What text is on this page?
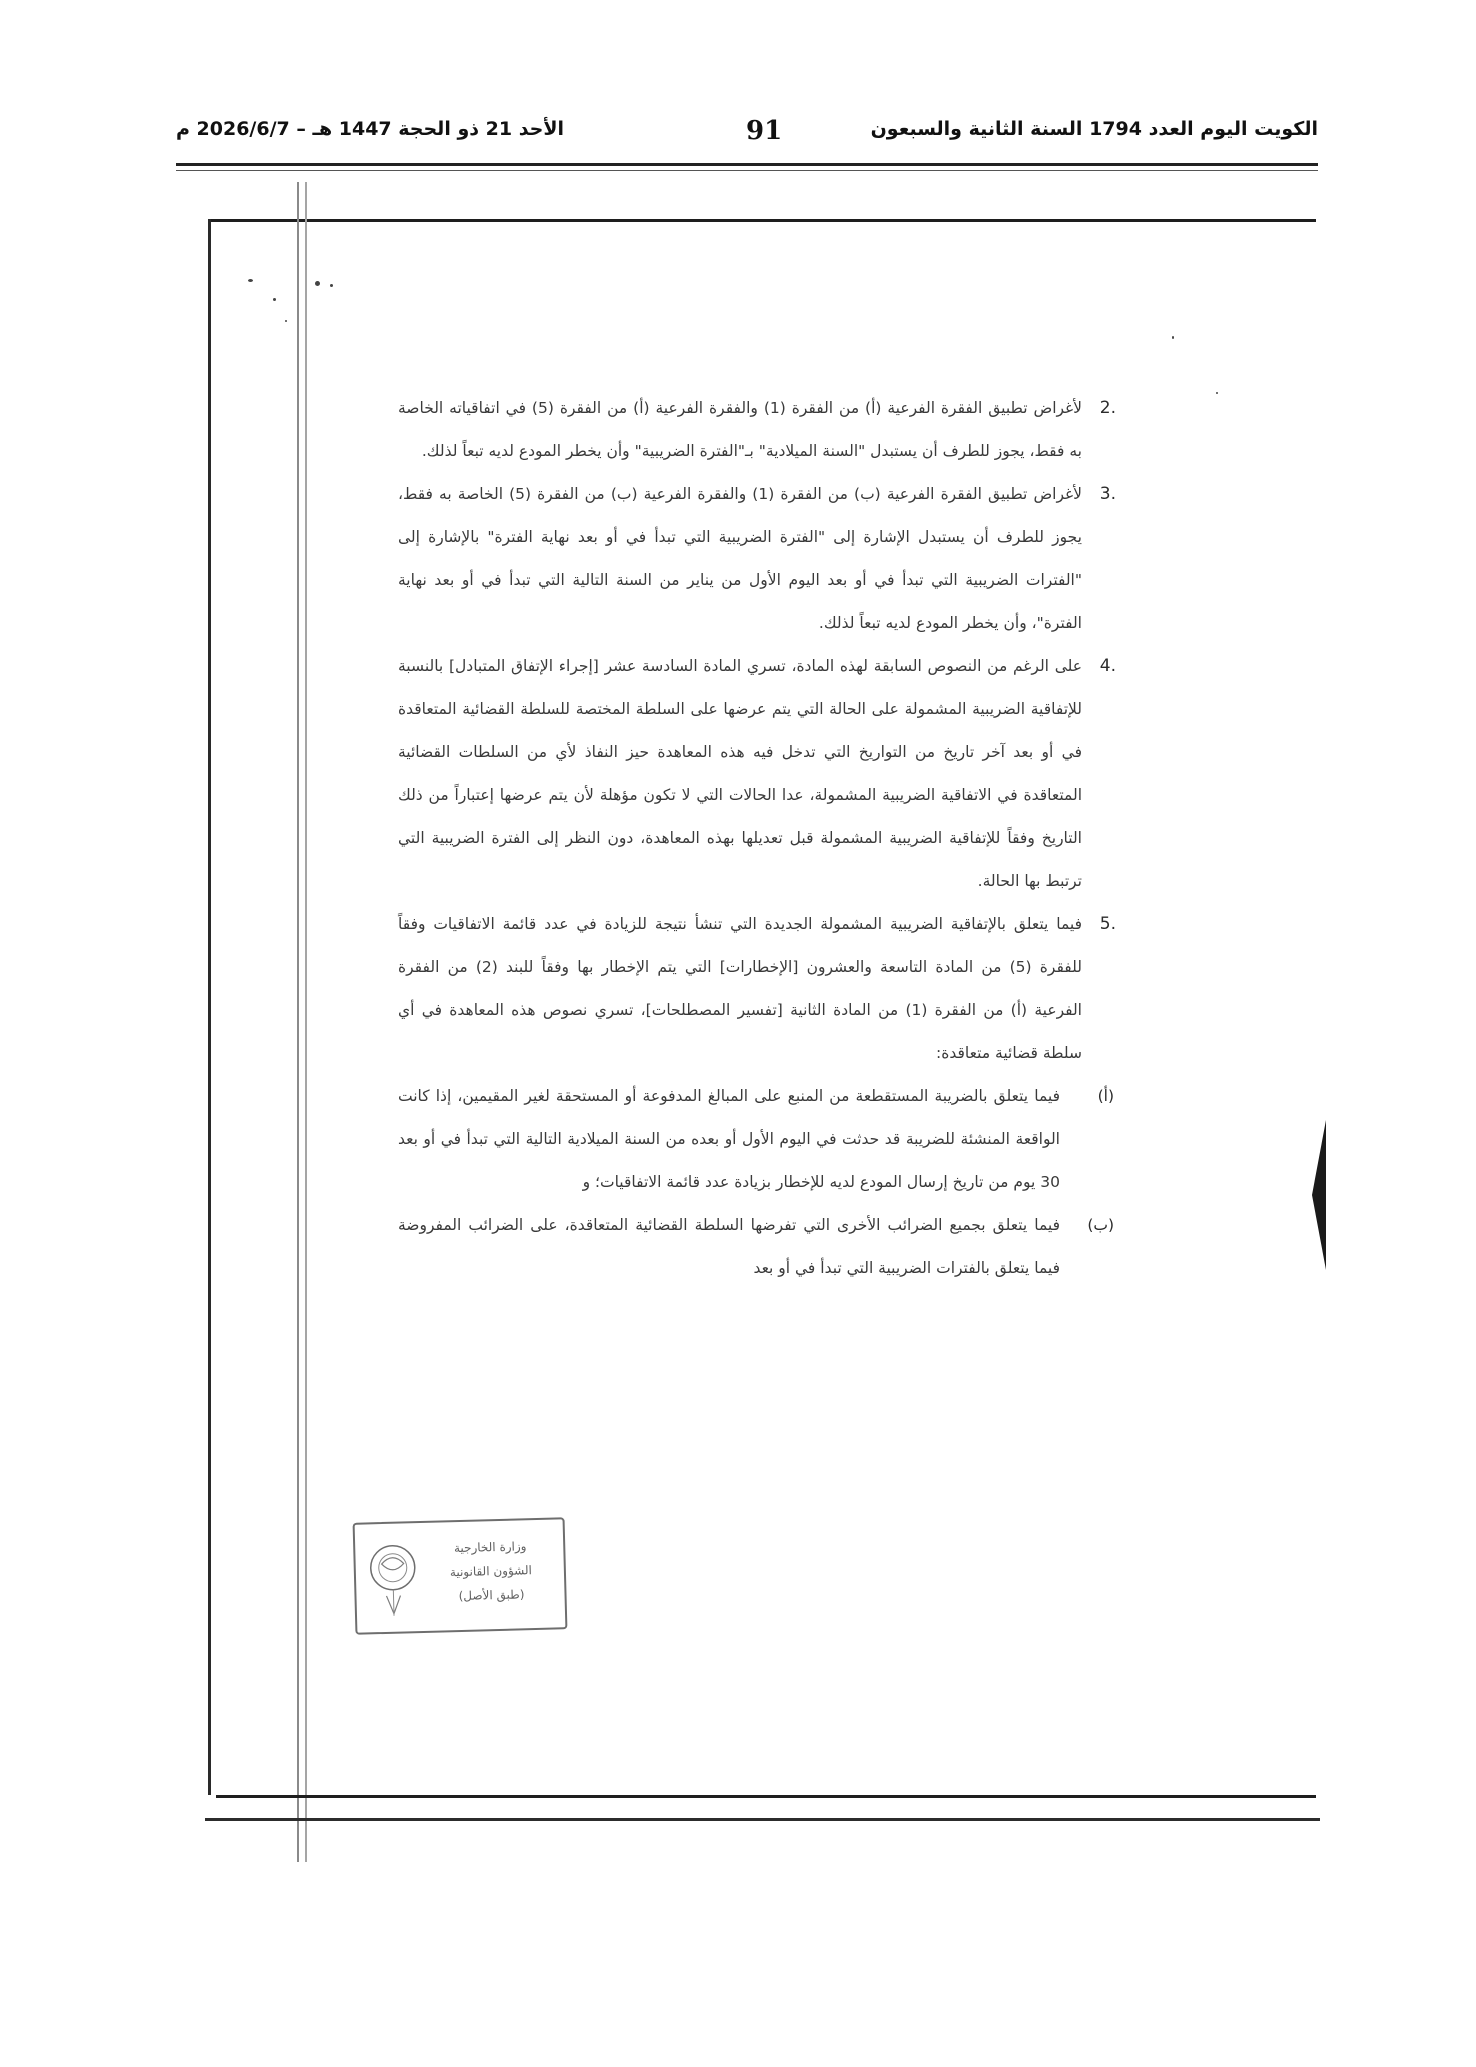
الكويت اليوم العدد 1794 السنة الثانية والسبعون
91
الأحد 21 ذو الحجة 1447 هـ – 2026/6/7 م
.2
لأغراض تطبيق الفقرة الفرعية (أ) من الفقرة (1) والفقرة الفرعية (أ) من الفقرة (5) في اتفاقياته الخاصة به فقط، يجوز للطرف أن يستبدل "السنة الميلادية" بـ"الفترة الضريبية" وأن يخطر المودع لديه تبعاً لذلك.
.3
لأغراض تطبيق الفقرة الفرعية (ب) من الفقرة (1) والفقرة الفرعية (ب) من الفقرة (5) الخاصة به فقط، يجوز للطرف أن يستبدل الإشارة إلى "الفترة الضريبية التي تبدأ في أو بعد نهاية الفترة" بالإشارة إلى "الفترات الضريبية التي تبدأ في أو بعد اليوم الأول من يناير من السنة التالية التي تبدأ في أو بعد نهاية الفترة"، وأن يخطر المودع لديه تبعاً لذلك.
.4
على الرغم من النصوص السابقة لهذه المادة، تسري المادة السادسة عشر [إجراء الإتفاق المتبادل] بالنسبة للإتفاقية الضريبية المشمولة على الحالة التي يتم عرضها على السلطة المختصة للسلطة القضائية المتعاقدة في أو بعد آخر تاريخ من التواريخ التي تدخل فيه هذه المعاهدة حيز النفاذ لأي من السلطات القضائية المتعاقدة في الاتفاقية الضريبية المشمولة، عدا الحالات التي لا تكون مؤهلة لأن يتم عرضها إعتباراً من ذلك التاريخ وفقاً للإتفاقية الضريبية المشمولة قبل تعديلها بهذه المعاهدة، دون النظر إلى الفترة الضريبية التي ترتبط بها الحالة.
.5
فيما يتعلق بالإتفاقية الضريبية المشمولة الجديدة التي تنشأ نتيجة للزيادة في عدد قائمة الاتفاقيات وفقاً للفقرة (5) من المادة التاسعة والعشرون [الإخطارات] التي يتم الإخطار بها وفقاً للبند (2) من الفقرة الفرعية (أ) من الفقرة (1) من المادة الثانية [تفسير المصطلحات]، تسري نصوص هذه المعاهدة في أي سلطة قضائية متعاقدة:
(أ)
فيما يتعلق بالضريبة المستقطعة من المنبع على المبالغ المدفوعة أو المستحقة لغير المقيمين، إذا كانت الواقعة المنشئة للضريبة قد حدثت في اليوم الأول أو بعده من السنة الميلادية التالية التي تبدأ في أو بعد 30 يوم من تاريخ إرسال المودع لديه للإخطار بزيادة عدد قائمة الاتفاقيات؛ و
(ب)
فيما يتعلق بجميع الضرائب الأخرى التي تفرضها السلطة القضائية المتعاقدة، على الضرائب المفروضة فيما يتعلق بالفترات الضريبية التي تبدأ في أو بعد
وزارة الخارجية
الشؤون القانونية
(طبق الأصل)
